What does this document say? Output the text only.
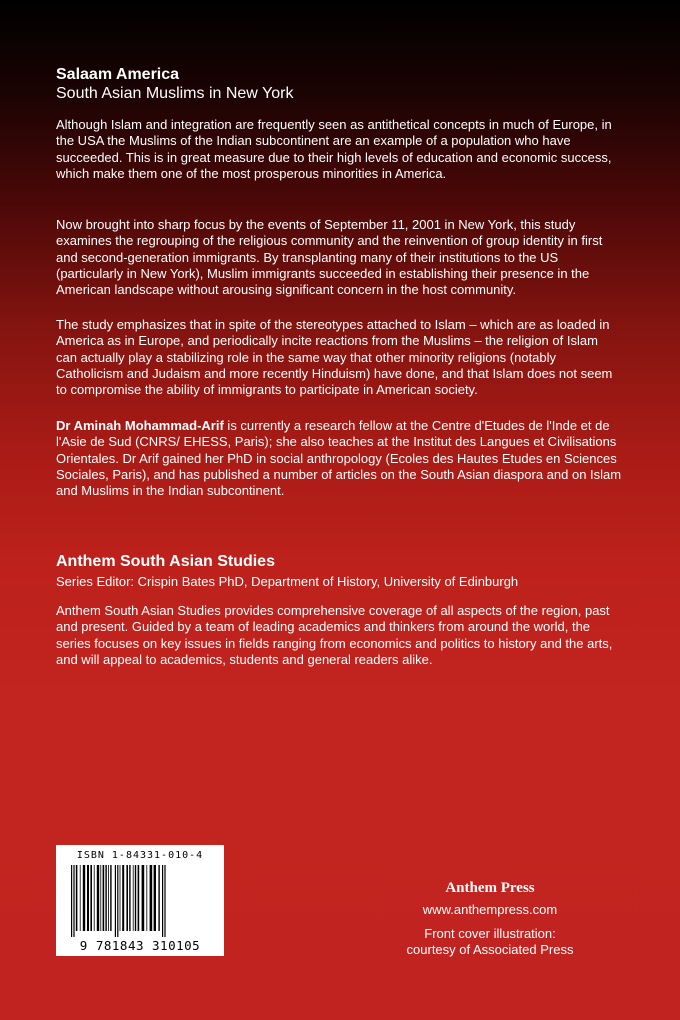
Salaam America
South Asian Muslims in New York

Although Islam and integration are frequently seen as antithetical concepts in much of Europe, in the USA the Muslims of the Indian subcontinent are an example of a population who have succeeded. This is in great measure due to their high levels of education and economic success, which make them one of the most prosperous minorities in America.

Now brought into sharp focus by the events of September 11, 2001 in New York, this study examines the regrouping of the religious community and the reinvention of group identity in first and second-generation immigrants. By transplanting many of their institutions to the US (particularly in New York), Muslim immigrants succeeded in establishing their presence in the American landscape without arousing significant concern in the host community.

The study emphasizes that in spite of the stereotypes attached to Islam – which are as loaded in America as in Europe, and periodically incite reactions from the Muslims – the religion of Islam can actually play a stabilizing role in the same way that other minority religions (notably Catholicism and Judaism and more recently Hinduism) have done, and that Islam does not seem to compromise the ability of immigrants to participate in American society.

Dr Aminah Mohammad-Arif is currently a research fellow at the Centre d'Etudes de l'Inde et de l'Asie de Sud (CNRS/ EHESS, Paris); she also teaches at the Institut des Langues et Civilisations Orientales. Dr Arif gained her PhD in social anthropology (Ecoles des Hautes Etudes en Sciences Sociales, Paris), and has published a number of articles on the South Asian diaspora and on Islam and Muslims in the Indian subcontinent.

Anthem South Asian Studies
Series Editor: Crispin Bates PhD, Department of History, University of Edinburgh

Anthem South Asian Studies provides comprehensive coverage of all aspects of the region, past and present. Guided by a team of leading academics and thinkers from around the world, the series focuses on key issues in fields ranging from economics and politics to history and the arts, and will appeal to academics, students and general readers alike.

ISBN 1-84331-010-4
9 781843 310105
Anthem Press
www.anthempress.com
Front cover illustration:
courtesy of Associated Press
